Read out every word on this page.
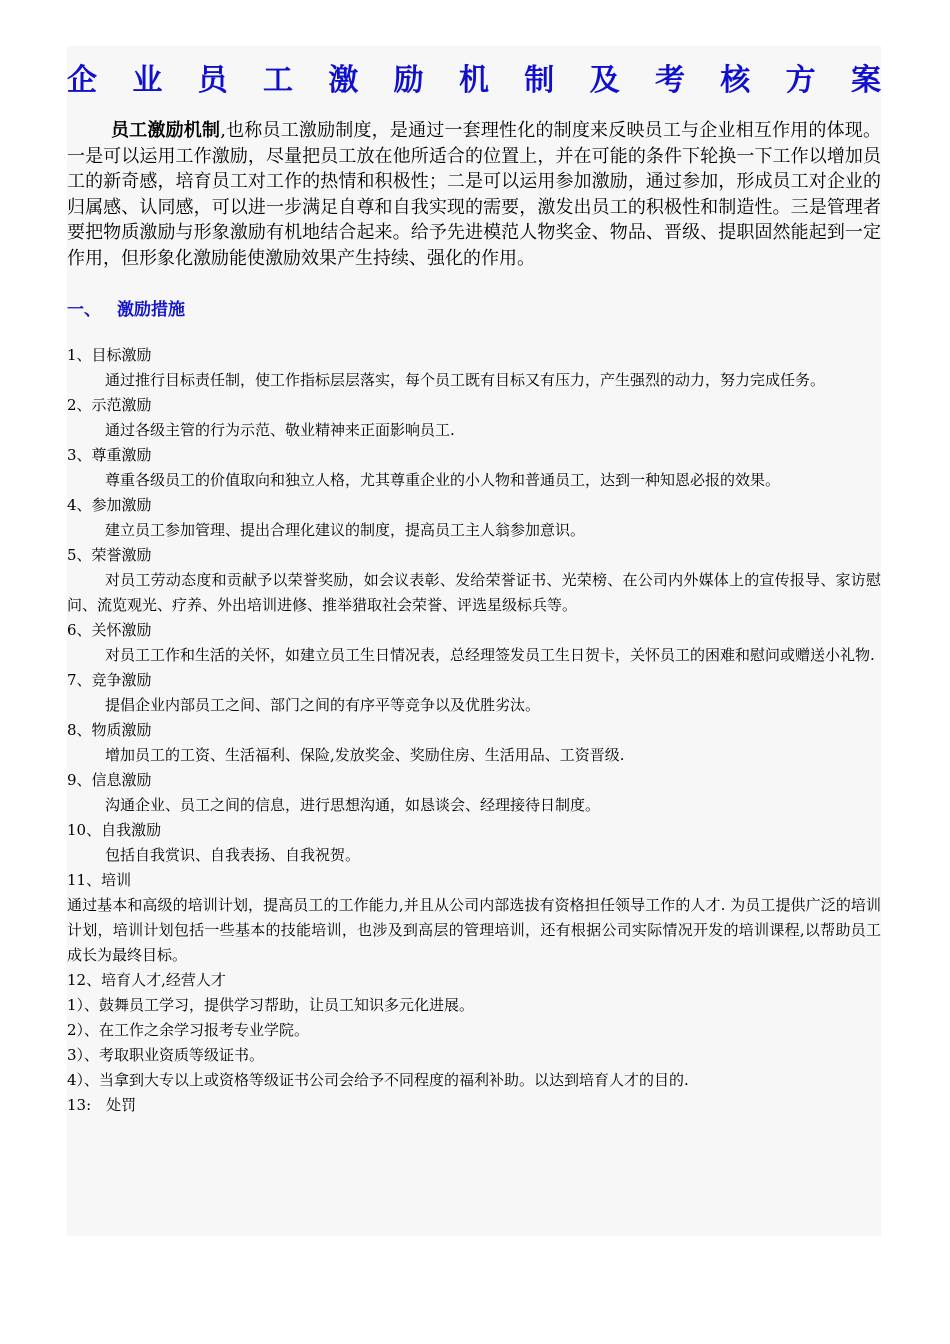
企 业 员 工 激 励 机 制 及 考 核 方 案
员工激励机制,也称员工激励制度，是通过一套理性化的制度来反映员工与企业相互作用的体现。一是可以运用工作激励，尽量把员工放在他所适合的位置上，并在可能的条件下轮换一下工作以增加员工的新奇感，培育员工对工作的热情和积极性；二是可以运用参加激励，通过参加，形成员工对企业的归属感、认同感，可以进一步满足自尊和自我实现的需要，激发出员工的积极性和制造性。三是管理者要把物质激励与形象激励有机地结合起来。给予先进模范人物奖金、物品、晋级、提职固然能起到一定作用，但形象化激励能使激励效果产生持续、强化的作用。
一、 激励措施
1、目标激励
通过推行目标责任制，使工作指标层层落实，每个员工既有目标又有压力，产生强烈的动力，努力完成任务。
2、示范激励
通过各级主管的行为示范、敬业精神来正面影响员工.
3、尊重激励
尊重各级员工的价值取向和独立人格，尤其尊重企业的小人物和普通员工，达到一种知恩必报的效果。
4、参加激励
建立员工参加管理、提出合理化建议的制度，提高员工主人翁参加意识。
5、荣誉激励
对员工劳动态度和贡献予以荣誉奖励，如会议表彰、发给荣誉证书、光荣榜、在公司内外媒体上的宣传报导、家访慰问、流览观光、疗养、外出培训进修、推举猎取社会荣誉、评选星级标兵等。
6、关怀激励
对员工工作和生活的关怀，如建立员工生日情况表，总经理签发员工生日贺卡，关怀员工的困难和慰问或赠送小礼物.
7、竞争激励
提倡企业内部员工之间、部门之间的有序平等竞争以及优胜劣汰。
8、物质激励
增加员工的工资、生活福利、保险,发放奖金、奖励住房、生活用品、工资晋级.
9、信息激励
沟通企业、员工之间的信息，进行思想沟通，如恳谈会、经理接待日制度。
10、自我激励
包括自我赏识、自我表扬、自我祝贺。
11、培训
通过基本和高级的培训计划，提高员工的工作能力,并且从公司内部选拔有资格担任领导工作的人才. 为员工提供广泛的培训计划，培训计划包括一些基本的技能培训，也涉及到高层的管理培训，还有根据公司实际情况开发的培训课程,以帮助员工成长为最终目标。
12、培育人才,经营人才
1）、鼓舞员工学习，提供学习帮助，让员工知识多元化进展。
2）、在工作之余学习报考专业学院。
3）、考取职业资质等级证书。
4）、当拿到大专以上或资格等级证书公司会给予不同程度的福利补助。以达到培育人才的目的.
13:　处罚
